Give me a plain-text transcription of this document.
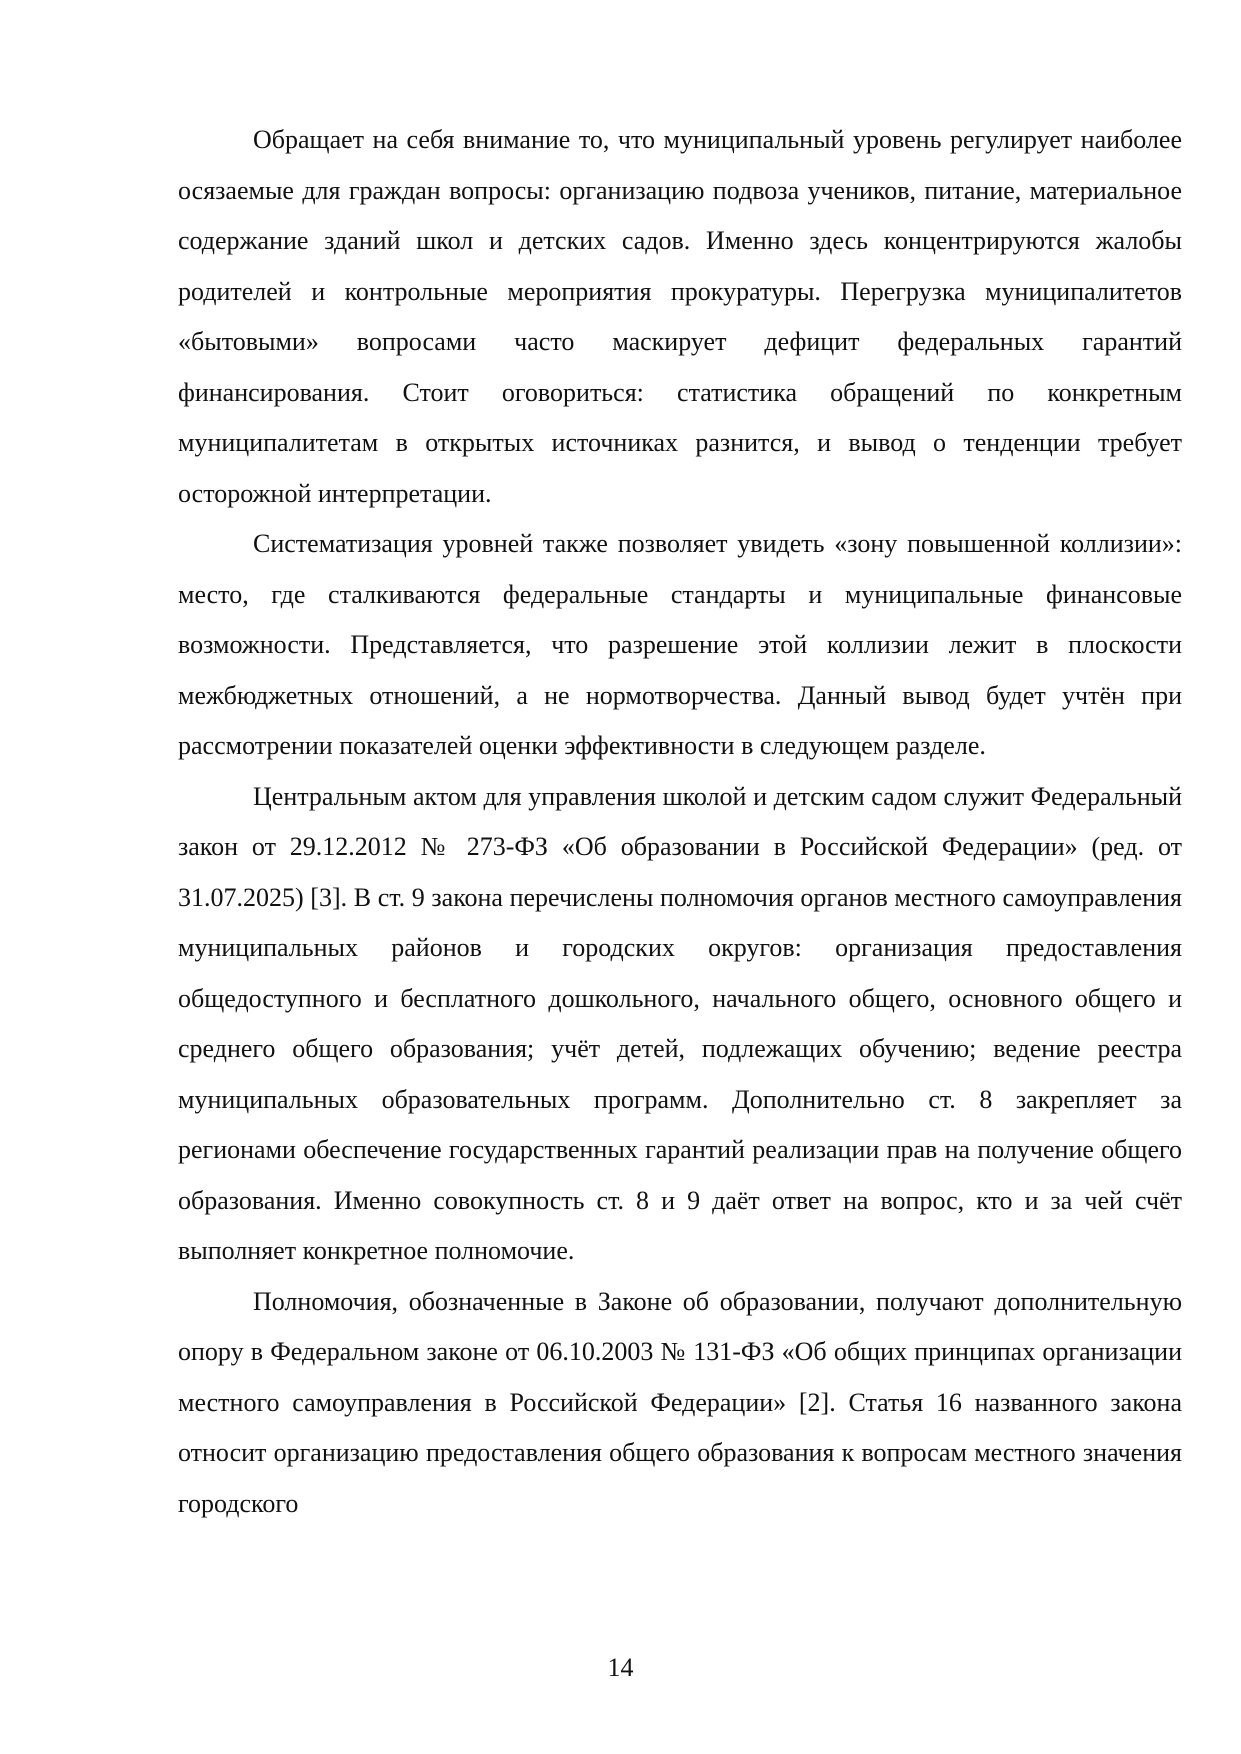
Обращает на себя внимание то, что муниципальный уровень регулирует наиболее осязаемые для граждан вопросы: организацию подвоза учеников, питание, материальное содержание зданий школ и детских садов. Именно здесь концентрируются жалобы родителей и контрольные мероприятия прокуратуры. Перегрузка муниципалитетов «бытовыми» вопросами часто маскирует дефицит федеральных гарантий финансирования. Стоит оговориться: статистика обращений по конкретным муниципалитетам в открытых источниках разнится, и вывод о тенденции требует осторожной интерпретации.

Систематизация уровней также позволяет увидеть «зону повышенной коллизии»: место, где сталкиваются федеральные стандарты и муниципальные финансовые возможности. Представляется, что разрешение этой коллизии лежит в плоскости межбюджетных отношений, а не нормотворчества. Данный вывод будет учтён при рассмотрении показателей оценки эффективности в следующем разделе.

Центральным актом для управления школой и детским садом служит Федеральный закон от 29.12.2012 № 273-ФЗ «Об образовании в Российской Федерации» (ред. от 31.07.2025) [3]. В ст. 9 закона перечислены полномочия органов местного самоуправления муниципальных районов и городских округов: организация предоставления общедоступного и бесплатного дошкольного, начального общего, основного общего и среднего общего образования; учёт детей, подлежащих обучению; ведение реестра муниципальных образовательных программ. Дополнительно ст. 8 закрепляет за регионами обеспечение государственных гарантий реализации прав на получение общего образования. Именно совокупность ст. 8 и 9 даёт ответ на вопрос, кто и за чей счёт выполняет конкретное полномочие.

Полномочия, обозначенные в Законе об образовании, получают дополнительную опору в Федеральном законе от 06.10.2003 № 131-ФЗ «Об общих принципах организации местного самоуправления в Российской Федерации» [2]. Статья 16 названного закона относит организацию предоставления общего образования к вопросам местного значения городского

14
